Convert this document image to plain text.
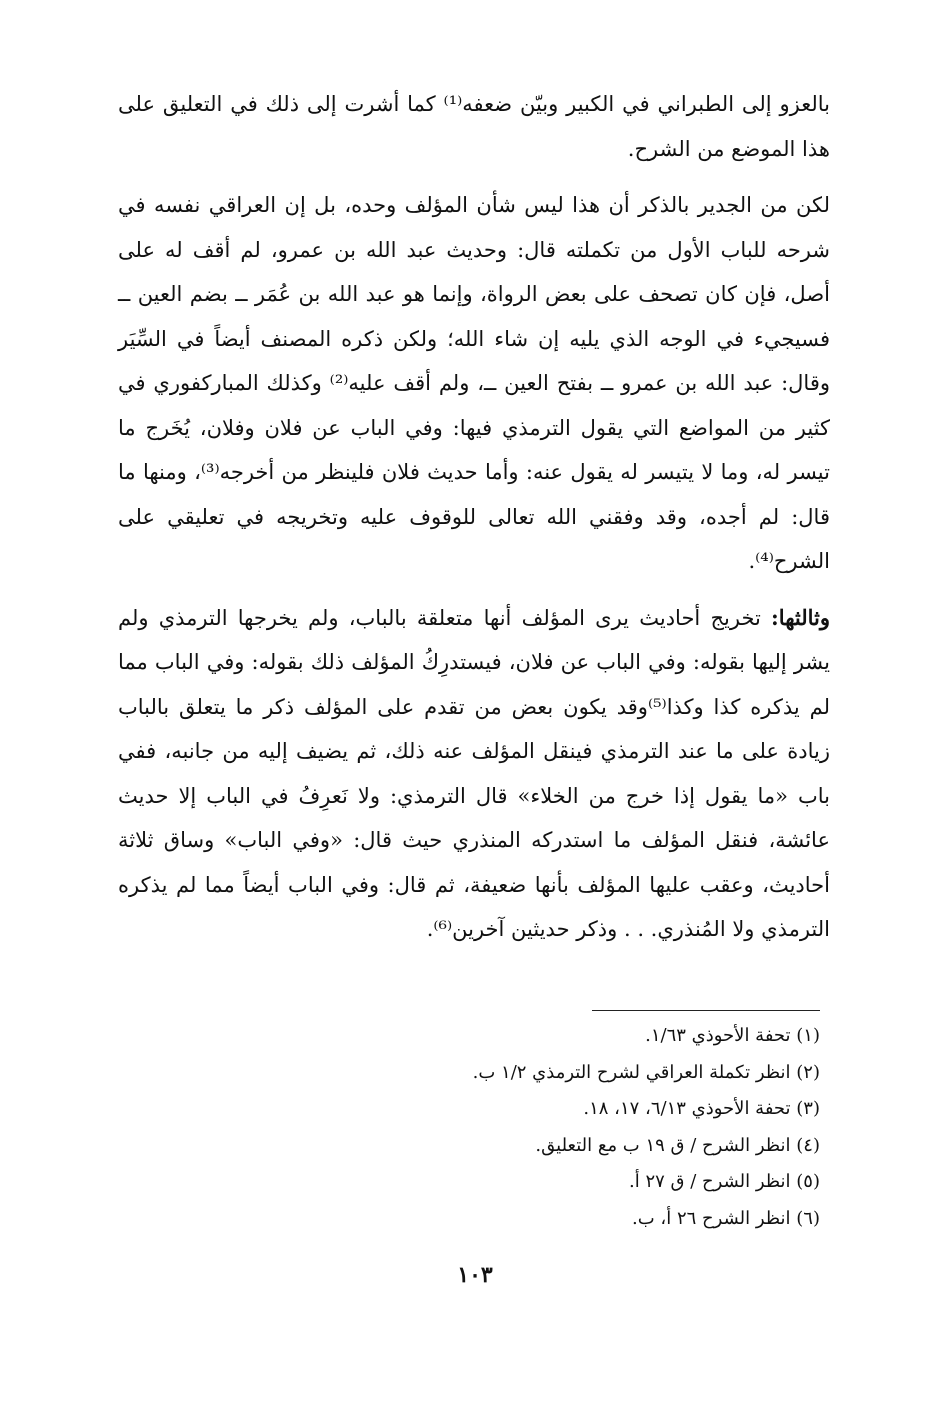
بالعزو إلى الطبراني في الكبير وبيّن ضعفه⁽¹⁾ كما أشرت إلى ذلك في التعليق على هذا الموضع من الشرح.

لكن من الجدير بالذكر أن هذا ليس شأن المؤلف وحده، بل إن العراقي نفسه في شرحه للباب الأول من تكملته قال: وحديث عبد الله بن عمرو، لم أقف له على أصل، فإن كان تصحف على بعض الرواة، وإنما هو عبد الله بن عُمَر ــ بضم العين ــ فسيجيء في الوجه الذي يليه إن شاء الله؛ ولكن ذكره المصنف أيضاً في السِّيَر وقال: عبد الله بن عمرو ــ بفتح العين ــ، ولم أقف عليه⁽²⁾ وكذلك المباركفوري في كثير من المواضع التي يقول الترمذي فيها: وفي الباب عن فلان وفلان، يُخَرج ما تيسر له، وما لا يتيسر له يقول عنه: وأما حديث فلان فلينظر من أخرجه⁽³⁾، ومنها ما قال: لم أجده، وقد وفقني الله تعالى للوقوف عليه وتخريجه في تعليقي على الشرح⁽⁴⁾.

وثالثها: تخريج أحاديث يرى المؤلف أنها متعلقة بالباب، ولم يخرجها الترمذي ولم يشر إليها بقوله: وفي الباب عن فلان، فيستدرِكُ المؤلف ذلك بقوله: وفي الباب مما لم يذكره كذا وكذا⁽⁵⁾وقد يكون بعض من تقدم على المؤلف ذكر ما يتعلق بالباب زيادة على ما عند الترمذي فينقل المؤلف عنه ذلك، ثم يضيف إليه من جانبه، ففي باب «ما يقول إذا خرج من الخلاء» قال الترمذي: ولا نَعرِفُ في الباب إلا حديث عائشة، فنقل المؤلف ما استدركه المنذري حيث قال: «وفي الباب» وساق ثلاثة أحاديث، وعقب عليها المؤلف بأنها ضعيفة، ثم قال: وفي الباب أيضاً مما لم يذكره الترمذي ولا المُنذري. . . وذكر حديثين آخرين⁽⁶⁾.

(١) تحفة الأحوذي ١/٦٣.
(٢) انظر تكملة العراقي لشرح الترمذي ١/٢ ب.
(٣) تحفة الأحوذي ٦/١٣، ١٧، ١٨.
(٤) انظر الشرح / ق ١٩ ب مع التعليق.
(٥) انظر الشرح / ق ٢٧ أ.
(٦) انظر الشرح ٢٦ أ، ب.
١٠٣
